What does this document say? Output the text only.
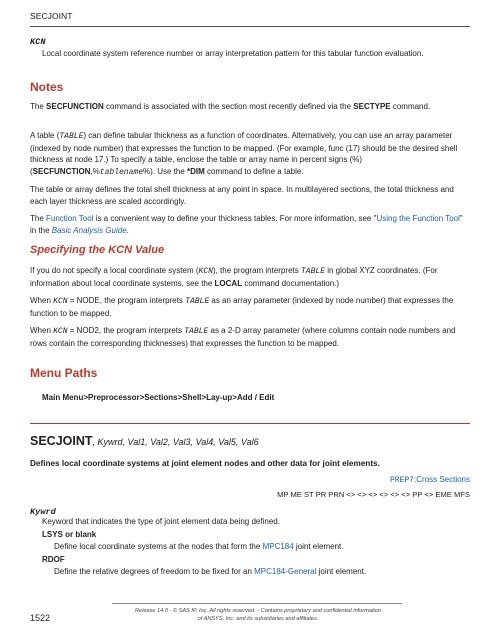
SECJOINT
KCN
Local coordinate system reference number or array interpretation pattern for this tabular function evaluation.
Notes
The SECFUNCTION command is associated with the section most recently defined via the SECTYPE command.
A table (TABLE) can define tabular thickness as a function of coordinates. Alternatively, you can use an array parameter (indexed by node number) that expresses the function to be mapped. (For example, func (17) should be the desired shell thickness at node 17.) To specify a table, enclose the table or array name in percent signs (%) (SECFUNCTION,%tablename%). Use the *DIM command to define a table.
The table or array defines the total shell thickness at any point in space. In multilayered sections, the total thickness and each layer thickness are scaled accordingly.
The Function Tool is a convenient way to define your thickness tables. For more information, see "Using the Function Tool" in the Basic Analysis Guide.
Specifying the KCN Value
If you do not specify a local coordinate system (KCN), the program interprets TABLE in global XYZ coordinates. (For information about local coordinate systems, see the LOCAL command documentation.)
When KCN = NODE, the program interprets TABLE as an array parameter (indexed by node number) that expresses the function to be mapped.
When KCN = NOD2, the program interprets TABLE as a 2-D array parameter (where columns contain node numbers and rows contain the corresponding thicknesses) that expresses the function to be mapped.
Menu Paths
Main Menu>Preprocessor>Sections>Shell>Lay-up>Add / Edit
SECJOINT, Kywrd, Val1, Val2, Val3, Val4, Val5, Val6
Defines local coordinate systems at joint element nodes and other data for joint elements.
PREP7:Cross Sections
MP ME ST PR PRN <> <> <> <> <> <> PP <> EME MFS
Kywrd
Keyword that indicates the type of joint element data being defined.
LSYS or blank
Define local coordinate systems at the nodes that form the MPC184 joint element.
RDOF
Define the relative degrees of freedom to be fixed for an MPC184-General joint element.
1522
Release 14.0 - © SAS IP, Inc. All rights reserved. - Contains proprietary and confidential information
of ANSYS, Inc. and its subsidiaries and affiliates.
